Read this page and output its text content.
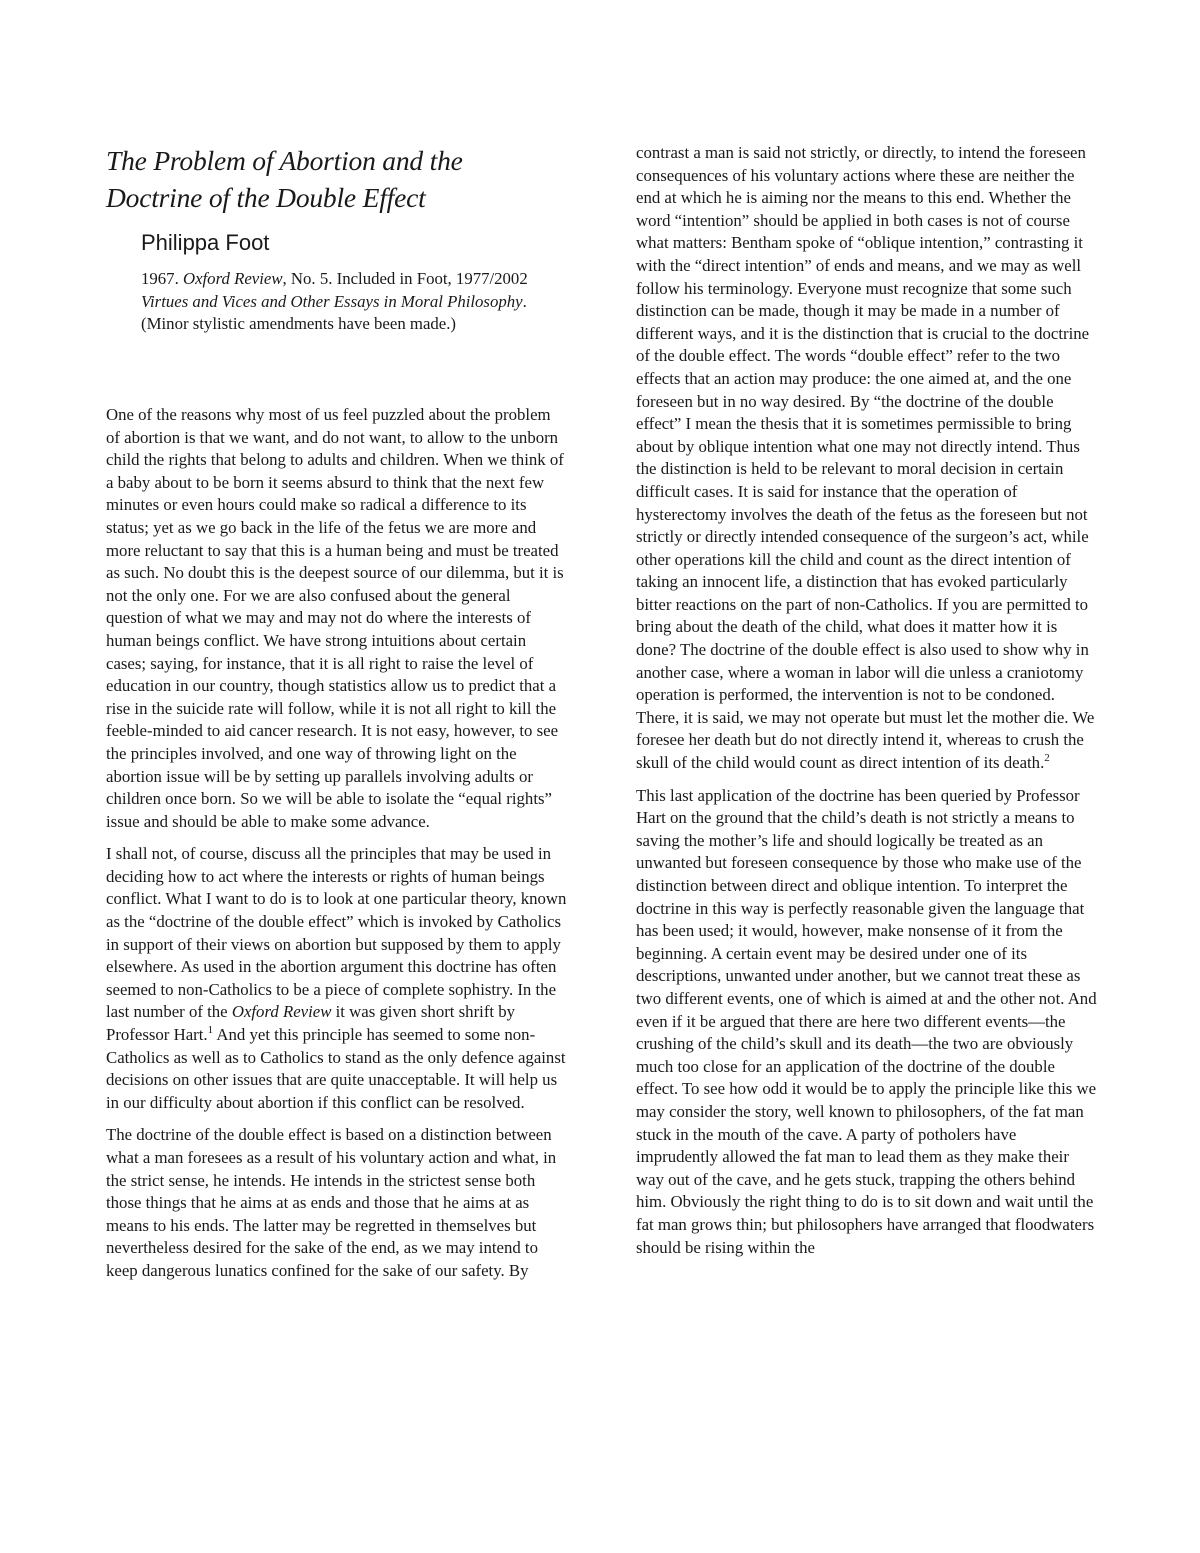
The Problem of Abortion and the
Doctrine of the Double Effect
Philippa Foot

1967. Oxford Review, No. 5. Included in Foot, 1977/2002 Virtues and Vices and Other Essays in Moral Philosophy. (Minor stylistic amendments have been made.)

One of the reasons why most of us feel puzzled about the problem of abortion is that we want, and do not want, to allow to the unborn child the rights that belong to adults and children. When we think of a baby about to be born it seems absurd to think that the next few minutes or even hours could make so radical a difference to its status; yet as we go back in the life of the fetus we are more and more reluctant to say that this is a human being and must be treated as such. No doubt this is the deepest source of our dilemma, but it is not the only one. For we are also confused about the general question of what we may and may not do where the interests of human beings conflict. We have strong intuitions about certain cases; saying, for instance, that it is all right to raise the level of education in our country, though statistics allow us to predict that a rise in the suicide rate will follow, while it is not all right to kill the feeble-minded to aid cancer research. It is not easy, however, to see the principles involved, and one way of throwing light on the abortion issue will be by setting up parallels involving adults or children once born. So we will be able to isolate the “equal rights” issue and should be able to make some advance.

I shall not, of course, discuss all the principles that may be used in deciding how to act where the interests or rights of human beings conflict. What I want to do is to look at one particular theory, known as the “doctrine of the double effect” which is invoked by Catholics in support of their views on abortion but supposed by them to apply elsewhere. As used in the abortion argument this doctrine has often seemed to non-Catholics to be a piece of complete sophistry. In the last number of the Oxford Review it was given short shrift by Professor Hart.$^1$ And yet this principle has seemed to some non-Catholics as well as to Catholics to stand as the only defence against decisions on other issues that are quite unacceptable. It will help us in our difficulty about abortion if this conflict can be resolved.

The doctrine of the double effect is based on a distinction between what a man foresees as a result of his voluntary action and what, in the strict sense, he intends. He intends in the strictest sense both those things that he aims at as ends and those that he aims at as means to his ends. The latter may be regretted in themselves but nevertheless desired for the sake of the end, as we may intend to keep dangerous lunatics confined for the sake of our safety. By

contrast a man is said not strictly, or directly, to intend the foreseen consequences of his voluntary actions where these are neither the end at which he is aiming nor the means to this end. Whether the word “intention” should be applied in both cases is not of course what matters: Bentham spoke of “oblique intention,” contrasting it with the “direct intention” of ends and means, and we may as well follow his terminology. Everyone must recognize that some such distinction can be made, though it may be made in a number of different ways, and it is the distinction that is crucial to the doctrine of the double effect. The words “double effect” refer to the two effects that an action may produce: the one aimed at, and the one foreseen but in no way desired. By “the doctrine of the double effect” I mean the thesis that it is sometimes permissible to bring about by oblique intention what one may not directly intend. Thus the distinction is held to be relevant to moral decision in certain difficult cases. It is said for instance that the operation of hysterectomy involves the death of the fetus as the foreseen but not strictly or directly intended consequence of the surgeon’s act, while other operations kill the child and count as the direct intention of taking an innocent life, a distinction that has evoked particularly bitter reactions on the part of non-Catholics. If you are permitted to bring about the death of the child, what does it matter how it is done? The doctrine of the double effect is also used to show why in another case, where a woman in labor will die unless a craniotomy operation is performed, the intervention is not to be condoned. There, it is said, we may not operate but must let the mother die. We foresee her death but do not directly intend it, whereas to crush the skull of the child would count as direct intention of its death.$^2$

This last application of the doctrine has been queried by Professor Hart on the ground that the child’s death is not strictly a means to saving the mother’s life and should logically be treated as an unwanted but foreseen consequence by those who make use of the distinction between direct and oblique intention. To interpret the doctrine in this way is perfectly reasonable given the language that has been used; it would, however, make nonsense of it from the beginning. A certain event may be desired under one of its descriptions, unwanted under another, but we cannot treat these as two different events, one of which is aimed at and the other not. And even if it be argued that there are here two different events—the crushing of the child’s skull and its death—the two are obviously much too close for an application of the doctrine of the double effect. To see how odd it would be to apply the principle like this we may consider the story, well known to philosophers, of the fat man stuck in the mouth of the cave. A party of potholers have imprudently allowed the fat man to lead them as they make their way out of the cave, and he gets stuck, trapping the others behind him. Obviously the right thing to do is to sit down and wait until the fat man grows thin; but philosophers have arranged that floodwaters should be rising within the
